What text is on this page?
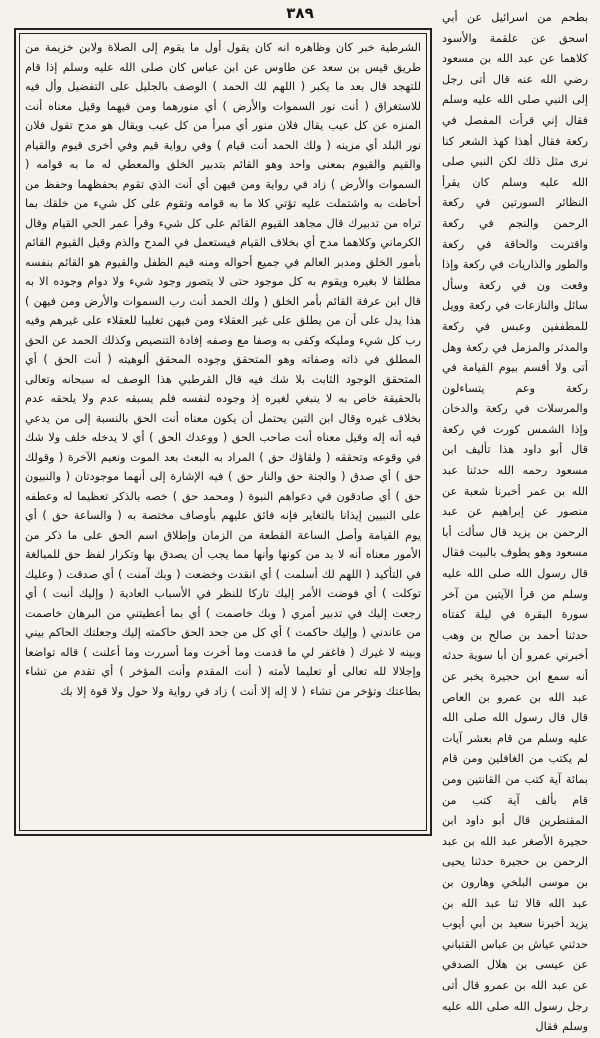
٣٨٩

الشرطية خبر كان وظاهره انه كان يقول أول ما يقوم إلى الصلاة ولابن خزيمة من طريق قيس بن سعد عن طاوس عن ابن عباس كان صلى الله عليه وسلم إذا قام للتهجد قال بعد ما يكبر ( اللهم لك الحمد ) الوصف بالجليل على التفضيل وأل فيه للاستغراق ( أنت نور السموات والأرض ) أي منورهما ومن فيهما وقيل معناه أنت المنزه عن كل عيب يقال فلان منور أي مبرأ من كل عيب ويقال هو مدح تقول فلان نور البلد أي مزينه ( ولك الحمد أنت قيام ) وفي رواية قيم وفي أخرى قيوم والقيام والقيم والقيوم بمعنى واحد وهو القائم بتدبير الخلق والمعطي له ما به قوامه ( السموات والأرض ) زاد في رواية ومن فيهن أي أنت الذي تقوم بحفظهما وحفظ من أحاطت به واشتملت عليه تؤتي كلا ما به قوامه وتقوم على كل شيء من خلقك بما تراه من تدبيرك قال مجاهد القيوم القائم على كل شيء وقرأ عمر الحي القيام وقال الكرماني وكلاهما مدح أي بخلاف القيام فيستعمل في المدح والذم وقيل القيوم القائم بأمور الخلق ومدبر العالم في جميع أحواله ومنه قيم الطفل والقيوم هو القائم بنفسه مطلقا لا بغيره ويقوم به كل موجود حتى لا يتصور وجود شيء ولا دوام وجوده الا به قال ابن عرفة القائم بأمر الخلق ( ولك الحمد أنت رب السموات والأرض ومن فيهن ) هذا يدل على أن من يطلق على غير العقلاء ومن فيهن تغليبا للعقلاء على غيرهم وفيه رب كل شيء ومليكه وكفى به وصفا مع وصفه إفادة التنصيص وكذلك الحمد عن الحق المطلق في ذاته وصفاته وهو المتحقق وجوده المحقق ألوهيته ( أنت الحق ) أي المتحقق الوجود الثابت بلا شك فيه قال القرطبي هذا الوصف له سبحانه وتعالى بالحقيقة خاص به لا ينبغي لغيره إذ وجوده لنفسه فلم يسبقه عدم ولا يلحقه عدم بخلاف غيره وقال ابن التين يحتمل أن يكون معناه أنت الحق بالنسبة إلى من يدعي فيه أنه إله وقيل معناه أنت صاحب الحق ( ووعدك الحق ) أي لا يدخله خلف ولا شك في وقوعه وتحققه ( ولقاؤك حق ) المراد به البعث بعد الموت ونعيم الآخرة ( وقولك حق ) أي صدق ( والجنة حق والنار حق ) فيه الإشارة إلى أنهما موجودتان ( والنبيون حق ) أي صادقون في دعواهم النبوة ( ومحمد حق ) خصه بالذكر تعظيما له وعطفه على النبيين إيذانا بالتغاير فإنه فائق عليهم بأوصاف مختصة به ( والساعة حق ) أي يوم القيامة وأصل الساعة القطعة من الزمان وإطلاق اسم الحق على ما ذكر من الأمور معناه أنه لا بد من كونها وأنها مما يجب أن يصدق بها وتكرار لفظ حق للمبالغة في التأكيد ( اللهم لك أسلمت ) أي انقدت وخضعت ( وبك آمنت ) أي صدقت ( وعليك توكلت ) أي فوضت الأمر إليك تاركا للنظر في الأسباب العادية ( وإليك أنبت ) أي رجعت إليك في تدبير أمري ( وبك خاصمت ) أي بما أعطيتني من البرهان خاصمت من عاندني ( وإليك حاكمت ) أي كل من جحد الحق حاكمته إليك وجعلتك الحاكم بيني وبينه لا غيرك ( فاغفر لي ما قدمت وما أخرت وما أسررت وما أعلنت ) قاله تواضعا وإجلالا لله تعالى أو تعليما لأمته ( أنت المقدم وأنت المؤخر ) أي تقدم من تشاء بطاعتك وتؤخر من تشاء ( لا إله إلا أنت ) زاد في رواية ولا حول ولا قوة إلا بك

بطحم من اسرائيل عن أبي اسحق عن علقمة والأسود كلاهما عن عبد الله بن مسعود رضي الله عنه قال أتى رجل إلى النبي صلى الله عليه وسلم فقال إني قرأت المفصل في ركعة فقال أهذا كهذ الشعر كنا نرى مثل ذلك لكن النبي صلى الله عليه وسلم كان يقرأ النظائر السورتين في ركعة الرحمن والنجم في ركعة واقتربت والحاقة في ركعة والطور والذاريات في ركعة وإذا وقعت ون في ركعة وسأل سائل والنازعات في ركعة وويل للمطففين وعبس في ركعة والمدثر والمزمل في ركعة وهل أتى ولا أقسم بيوم القيامة في ركعة وعم يتساءلون والمرسلات في ركعة والدخان وإذا الشمس كورت في ركعة قال أبو داود هذا تأليف ابن مسعود رحمه الله حدثنا عبد الله بن عمر أخبرنا شعبة عن منصور عن إبراهيم عن عبد الرحمن بن يزيد قال سألت أبا مسعود وهو يطوف بالبيت فقال قال رسول الله صلى الله عليه وسلم من قرأ الآيتين من آخر سورة البقرة في ليلة كفتاه حدثنا أحمد بن صالح بن وهب أخبرني عمرو أن أبا سوية حدثه أنه سمع ابن حجيرة يخبر عن عبد الله بن عمرو بن العاص قال قال رسول الله صلى الله عليه وسلم من قام بعشر آيات لم يكتب من الغافلين ومن قام بمائة آية كتب من القانتين ومن قام بألف آية كتب من المقنطرين قال أبو داود ابن حجيرة الأصغر عبد الله بن عبد الرحمن بن حجيرة حدثنا يحيى بن موسى البلخي وهارون بن عبد الله قالا ثنا عبد الله بن يزيد أخبرنا سعيد بن أبي أيوب حدثني عياش بن عباس القتباني عن عيسى بن هلال الصدفي عن عبد الله بن عمرو قال أتى رجل رسول الله صلى الله عليه وسلم فقال
